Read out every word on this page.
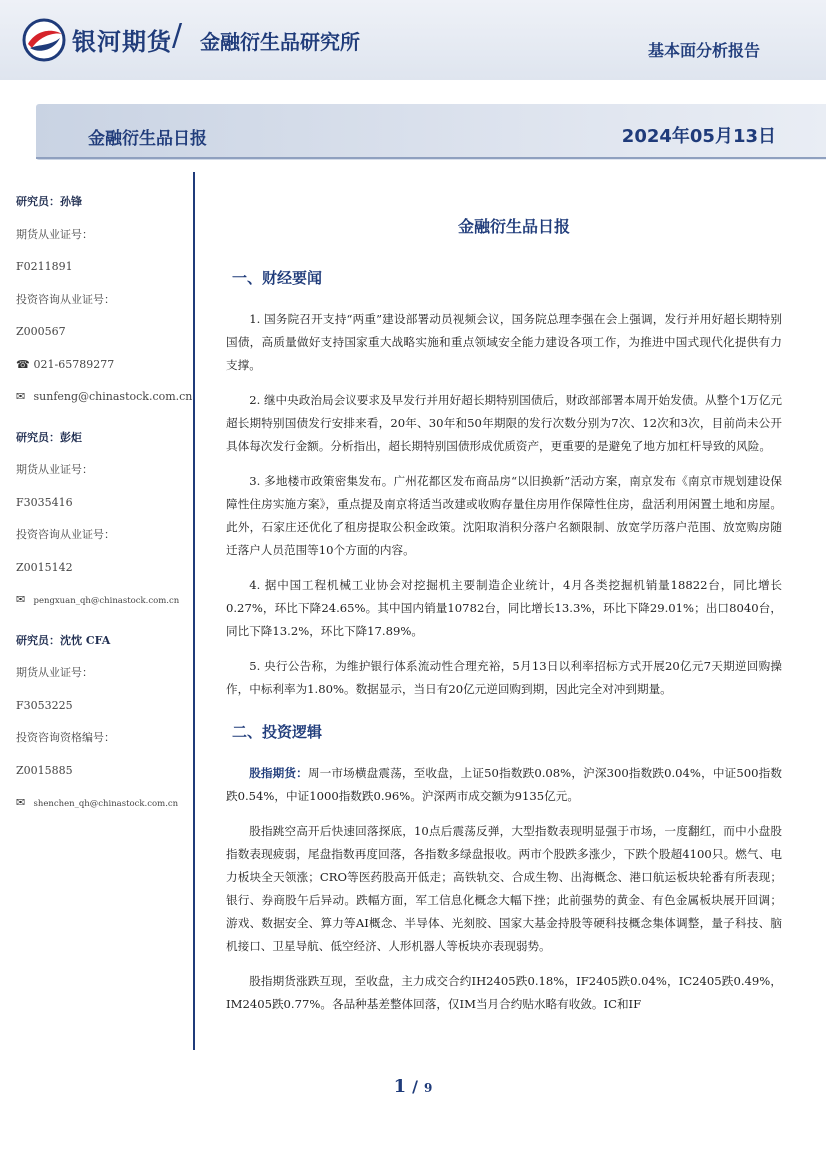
银河期货 / 金融衍生品研究所	基本面分析报告
金融衍生品日报	2024年05月13日
研究员：孙锋
期货从业证号：
F0211891
投资咨询从业证号：
Z000567
☎ 021-65789277
✉ sunfeng@chinastock.com.cn
研究员：彭炬
期货从业证号：
F3035416
投资咨询从业证号：
Z0015142
✉ pengxuan_qh@chinastock.com.cn
研究员：沈忱 CFA
期货从业证号：
F3053225
投资咨询资格编号：
Z0015885
✉ shenchen_qh@chinastock.com.cn
金融衍生品日报
一、财经要闻

1. 国务院召开支持“两重”建设部署动员视频会议，国务院总理李强在会上强调，发行并用好超长期特别国债，高质量做好支持国家重大战略实施和重点领域安全能力建设各项工作，为推进中国式现代化提供有力支撑。

2. 继中央政治局会议要求及早发行并用好超长期特别国债后，财政部部署本周开始发债。从整个1万亿元超长期特别国债发行安排来看，20年、30年和50年期限的发行次数分别为7次、12次和3次，目前尚未公开具体每次发行金额。分析指出，超长期特别国债形成优质资产，更重要的是避免了地方加杠杆导致的风险。

3. 多地楼市政策密集发布。广州花都区发布商品房“以旧换新”活动方案，南京发布《南京市规划建设保障性住房实施方案》，重点提及南京将适当改建或收购存量住房用作保障性住房，盘活利用闲置土地和房屋。此外，石家庄还优化了租房提取公积金政策。沈阳取消积分落户名额限制、放宽学历落户范围、放宽购房随迁落户人员范围等10个方面的内容。

4. 据中国工程机械工业协会对挖掘机主要制造企业统计，4月各类挖掘机销量18822台，同比增长0.27%，环比下降24.65%。其中国内销量10782台，同比增长13.3%，环比下降29.01%；出口8040台，同比下降13.2%，环比下降17.89%。

5. 央行公告称，为维护银行体系流动性合理充裕，5月13日以利率招标方式开展20亿元7天期逆回购操作，中标利率为1.80%。数据显示，当日有20亿元逆回购到期，因此完全对冲到期量。

二、投资逻辑

股指期货：周一市场横盘震荡，至收盘，上证50指数跌0.08%，沪深300指数跌0.04%，中证500指数跌0.54%，中证1000指数跌0.96%。沪深两市成交额为9135亿元。

股指跳空高开后快速回落探底，10点后震荡反弹，大型指数表现明显强于市场，一度翻红，而中小盘股指数表现疲弱，尾盘指数再度回落，各指数多绿盘报收。两市个股跌多涨少，下跌个股超4100只。燃气、电力板块全天领涨；CRO等医药股高开低走；高铁轨交、合成生物、出海概念、港口航运板块轮番有所表现；银行、券商股午后异动。跌幅方面，军工信息化概念大幅下挫；此前强势的黄金、有色金属板块展开回调；游戏、数据安全、算力等AI概念、半导体、光刻胶、国家大基金持股等硬科技概念集体调整，量子科技、脑机接口、卫星导航、低空经济、人形机器人等板块亦表现弱势。

股指期货涨跌互现，至收盘，主力成交合约IH2405跌0.18%，IF2405跌0.04%，IC2405跌0.49%，IM2405跌0.77%。各品种基差整体回落，仅IM当月合约贴水略有收敛。IC和IF

1 / 9
